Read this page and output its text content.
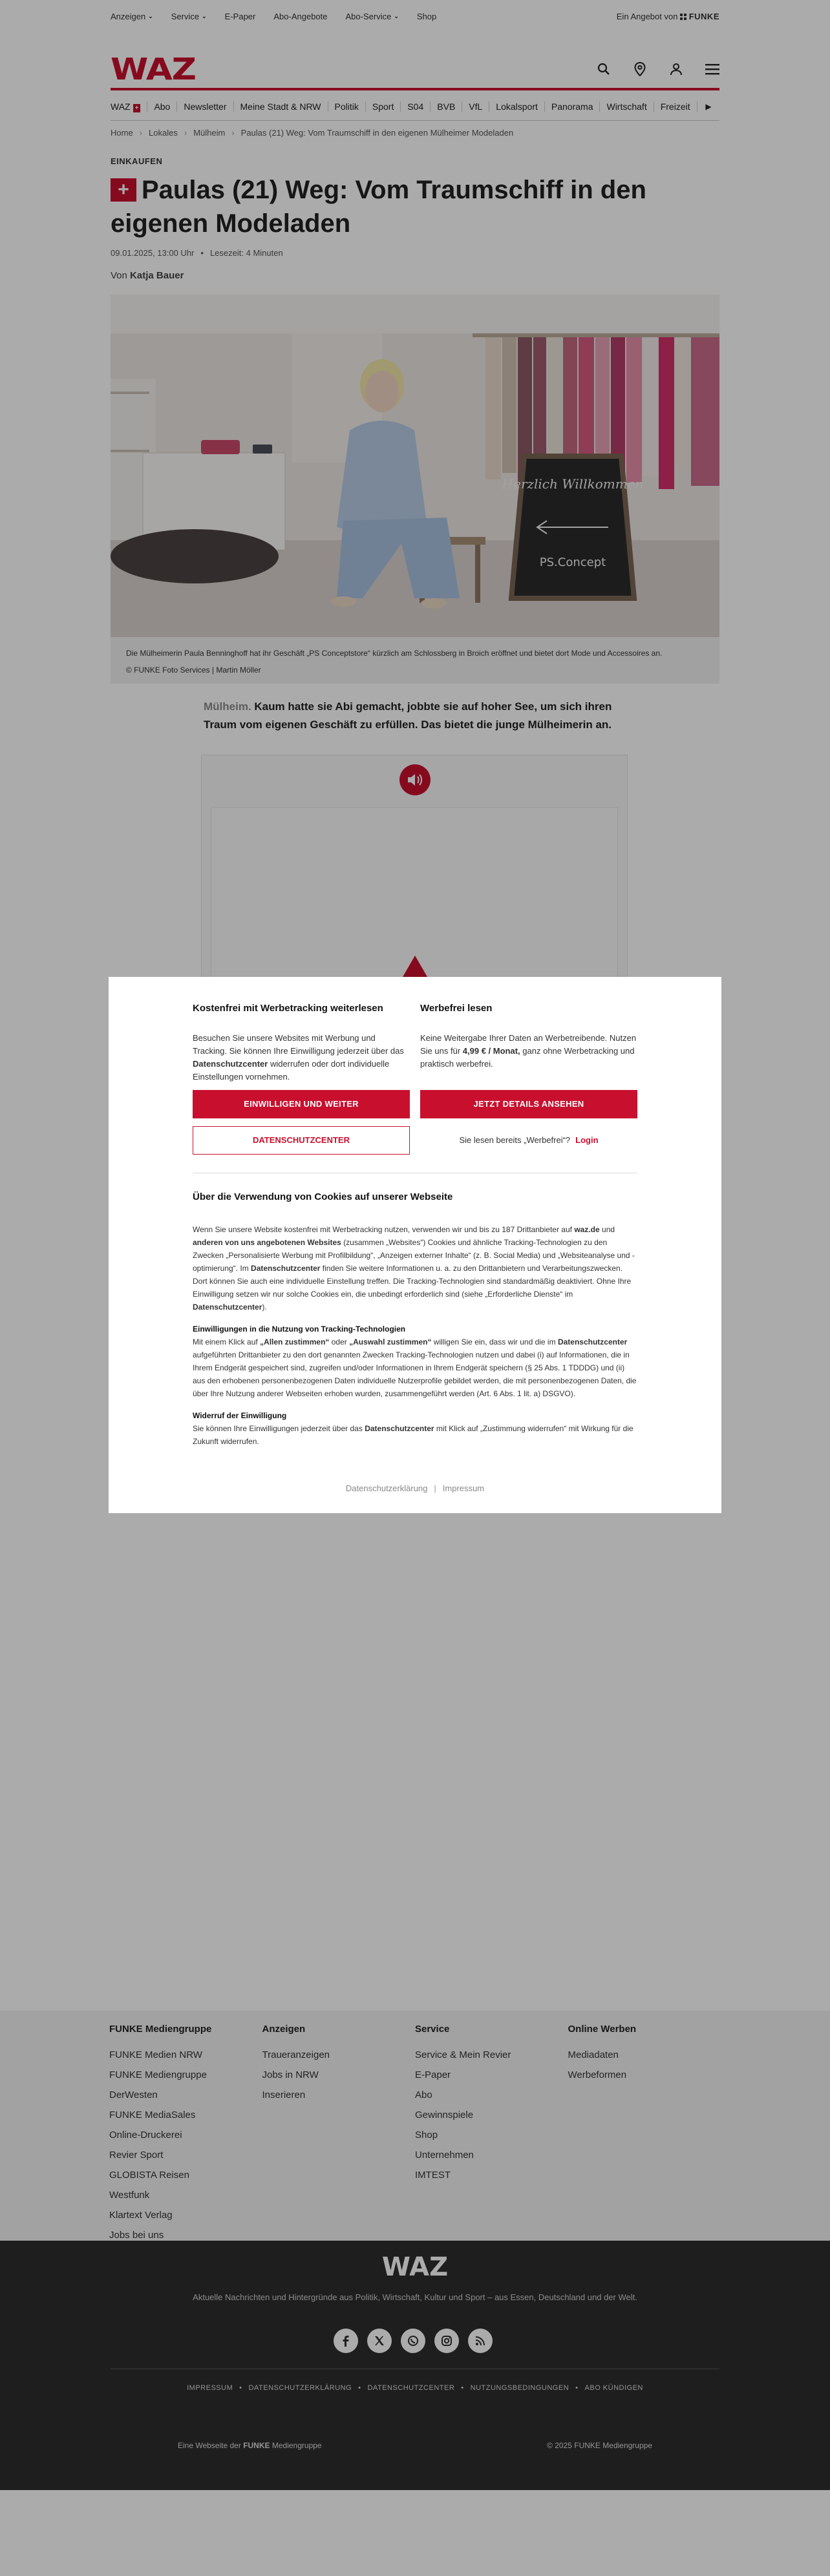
Anzeigen ⌄ Service ⌄ E-Paper Abo-Angebote Abo-Service ⌄ Shop	Ein Angebot von FUNKE
WAZ
WAZ +	Abo	Newsletter	Meine Stadt & NRW	Politik	Sport	S04	BVB	VfL	Lokalsport	Panorama	Wirtschaft	Freizeit	▶
Home › Lokales › Mülheim › Paulas (21) Weg: Vom Traumschiff in den eigenen Mülheimer Modeladen
EINKAUFEN
+ Paulas (21) Weg: Vom Traumschiff in den eigenen Modeladen
09.01.2025, 13:00 Uhr • Lesezeit: 4 Minuten
Von Katja Bauer
Herzlich Willkommen
PS.Concept
Die Mülheimerin Paula Benninghoff hat ihr Geschäft „PS Conceptstore“ kürzlich am Schlossberg in Broich eröffnet und bietet dort Mode und Accessoires an.
© FUNKE Foto Services | Martin Möller

Mülheim. Kaum hatte sie Abi gemacht, jobbte sie auf hoher See, um sich ihren Traum vom eigenen Geschäft zu erfüllen. Das bietet die junge Mülheimerin an.

FUNKE Mediengruppe
FUNKE Medien NRW
FUNKE Mediengruppe
DerWesten
FUNKE MediaSales
Online-Druckerei
Revier Sport
GLOBISTA Reisen
Westfunk
Klartext Verlag
Jobs bei uns
Anzeigen
Traueranzeigen
Jobs in NRW
Inserieren
Service
Service & Mein Revier
E-Paper
Abo
Gewinnspiele
Shop
Unternehmen
IMTEST
Online Werben
Mediadaten
Werbeformen
WAZ
Aktuelle Nachrichten und Hintergründe aus Politik, Wirtschaft, Kultur und Sport – aus Essen, Deutschland und der Welt.
IMPRESSUM • DATENSCHUTZERKLÄRUNG • DATENSCHUTZCENTER • NUTZUNGSBEDINGUNGEN • ABO KÜNDIGEN
Eine Webseite der FUNKE Mediengruppe	© 2025 FUNKE Mediengruppe
Kostenfrei mit Werbetracking weiterlesen

Besuchen Sie unsere Websites mit Werbung und Tracking. Sie können Ihre Einwilligung jederzeit über das Datenschutzcenter widerrufen oder dort individuelle Einstellungen vornehmen.

EINWILLIGEN UND WEITER
DATENSCHUTZCENTER
Werbefrei lesen

Keine Weitergabe Ihrer Daten an Werbetreibende. Nutzen Sie uns für 4,99 € / Monat, ganz ohne Werbetracking und praktisch werbefrei.

JETZT DETAILS ANSEHEN
Sie lesen bereits „Werbefrei“? Login
Über die Verwendung von Cookies auf unserer Webseite

Wenn Sie unsere Website kostenfrei mit Werbetracking nutzen, verwenden wir und bis zu 187 Drittanbieter auf waz.de und anderen von uns angebotenen Websites (zusammen „Websites“) Cookies und ähnliche Tracking-Technologien zu den Zwecken „Personalisierte Werbung mit Profilbildung“, „Anzeigen externer Inhalte“ (z. B. Social Media) und „Websiteanalyse und -optimierung“. Im Datenschutzcenter finden Sie weitere Informationen u. a. zu den Drittanbietern und Verarbeitungszwecken. Dort können Sie auch eine individuelle Einstellung treffen. Die Tracking-Technologien sind standardmäßig deaktiviert. Ohne Ihre Einwilligung setzen wir nur solche Cookies ein, die unbedingt erforderlich sind (siehe „Erforderliche Dienste“ im Datenschutzcenter).

Einwilligungen in die Nutzung von Tracking-Technologien

Mit einem Klick auf „Allen zustimmen“ oder „Auswahl zustimmen“ willigen Sie ein, dass wir und die im Datenschutzcenter aufgeführten Drittanbieter zu den dort genannten Zwecken Tracking-Technologien nutzen und dabei (i) auf Informationen, die in Ihrem Endgerät gespeichert sind, zugreifen und/oder Informationen in Ihrem Endgerät speichern (§ 25 Abs. 1 TDDDG) und (ii) aus den erhobenen personenbezogenen Daten individuelle Nutzerprofile gebildet werden, die mit personenbezogenen Daten, die über Ihre Nutzung anderer Webseiten erhoben wurden, zusammengeführt werden (Art. 6 Abs. 1 lit. a) DSGVO).

Widerruf der Einwilligung

Sie können Ihre Einwilligungen jederzeit über das Datenschutzcenter mit Klick auf „Zustimmung widerrufen“ mit Wirkung für die Zukunft widerrufen.

Datenschutzerklärung | Impressum
